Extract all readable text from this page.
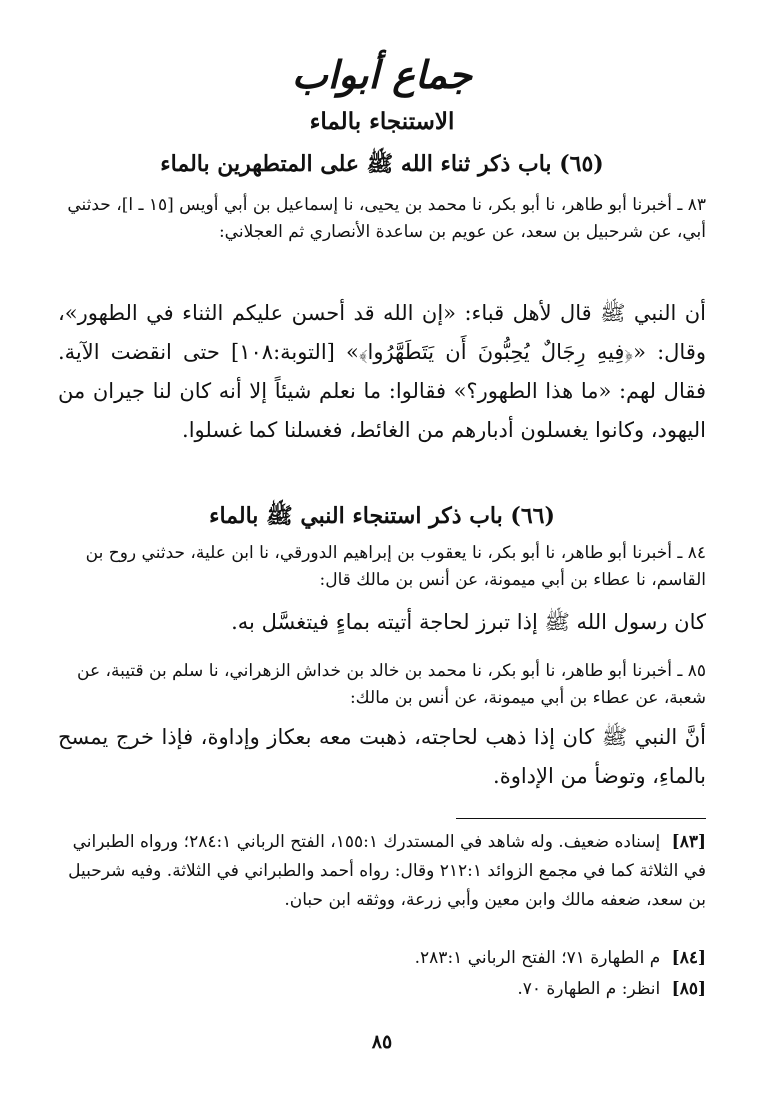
جماع أبواب
الاستنجاء بالماء
(٦٥) باب ذكر ثناء الله ﷺ على المتطهرين بالماء
٨٣ ـ أخبرنا أبو طاهر، نا أبو بكر، نا محمد بن يحيى، نا إسماعيل بن أبي أويس [١٥ ـ ا]، حدثني أبي، عن شرحبيل بن سعد، عن عويم بن ساعدة الأنصاري ثم العجلاني:
أن النبي ﷺ قال لأهل قباء: «إن الله قد أحسن عليكم الثناء في الطهور»، وقال: «﴿فِيهِ رِجَالٌ يُحِبُّونَ أَن يَتَطَهَّرُوا﴾» [التوبة:١٠٨] حتى انقضت الآية. فقال لهم: «ما هذا الطهور؟» فقالوا: ما نعلم شيئاً إلا أنه كان لنا جيران من اليهود، وكانوا يغسلون أدبارهم من الغائط، فغسلنا كما غسلوا.
(٦٦) باب ذكر استنجاء النبي ﷺ بالماء
٨٤ ـ أخبرنا أبو طاهر، نا أبو بكر، نا يعقوب بن إبراهيم الدورقي، نا ابن علية، حدثني روح بن القاسم، نا عطاء بن أبي ميمونة، عن أنس بن مالك قال:
كان رسول الله ﷺ إذا تبرز لحاجة أتيته بماءٍ فيتغسَّل به.
٨٥ ـ أخبرنا أبو طاهر، نا أبو بكر، نا محمد بن خالد بن خداش الزهراني، نا سلم بن قتيبة، عن شعبة، عن عطاء بن أبي ميمونة، عن أنس بن مالك:
أنَّ النبي ﷺ كان إذا ذهب لحاجته، ذهبت معه بعكاز وإداوة، فإذا خرج يمسح بالماءِ، وتوضأ من الإداوة.
[٨٣] إسناده ضعيف. وله شاهد في المستدرك ١٥٥:١، الفتح الرباني ٢٨٤:١؛ ورواه الطبراني في الثلاثة كما في مجمع الزوائد ٢١٢:١ وقال: رواه أحمد والطبراني في الثلاثة. وفيه شرحبيل بن سعد، ضعفه مالك وابن معين وأبي زرعة، ووثقه ابن حبان.
[٨٤] م الطهارة ٧١؛ الفتح الرباني ٢٨٣:١.
[٨٥] انظر: م الطهارة ٧٠.
٨٥
